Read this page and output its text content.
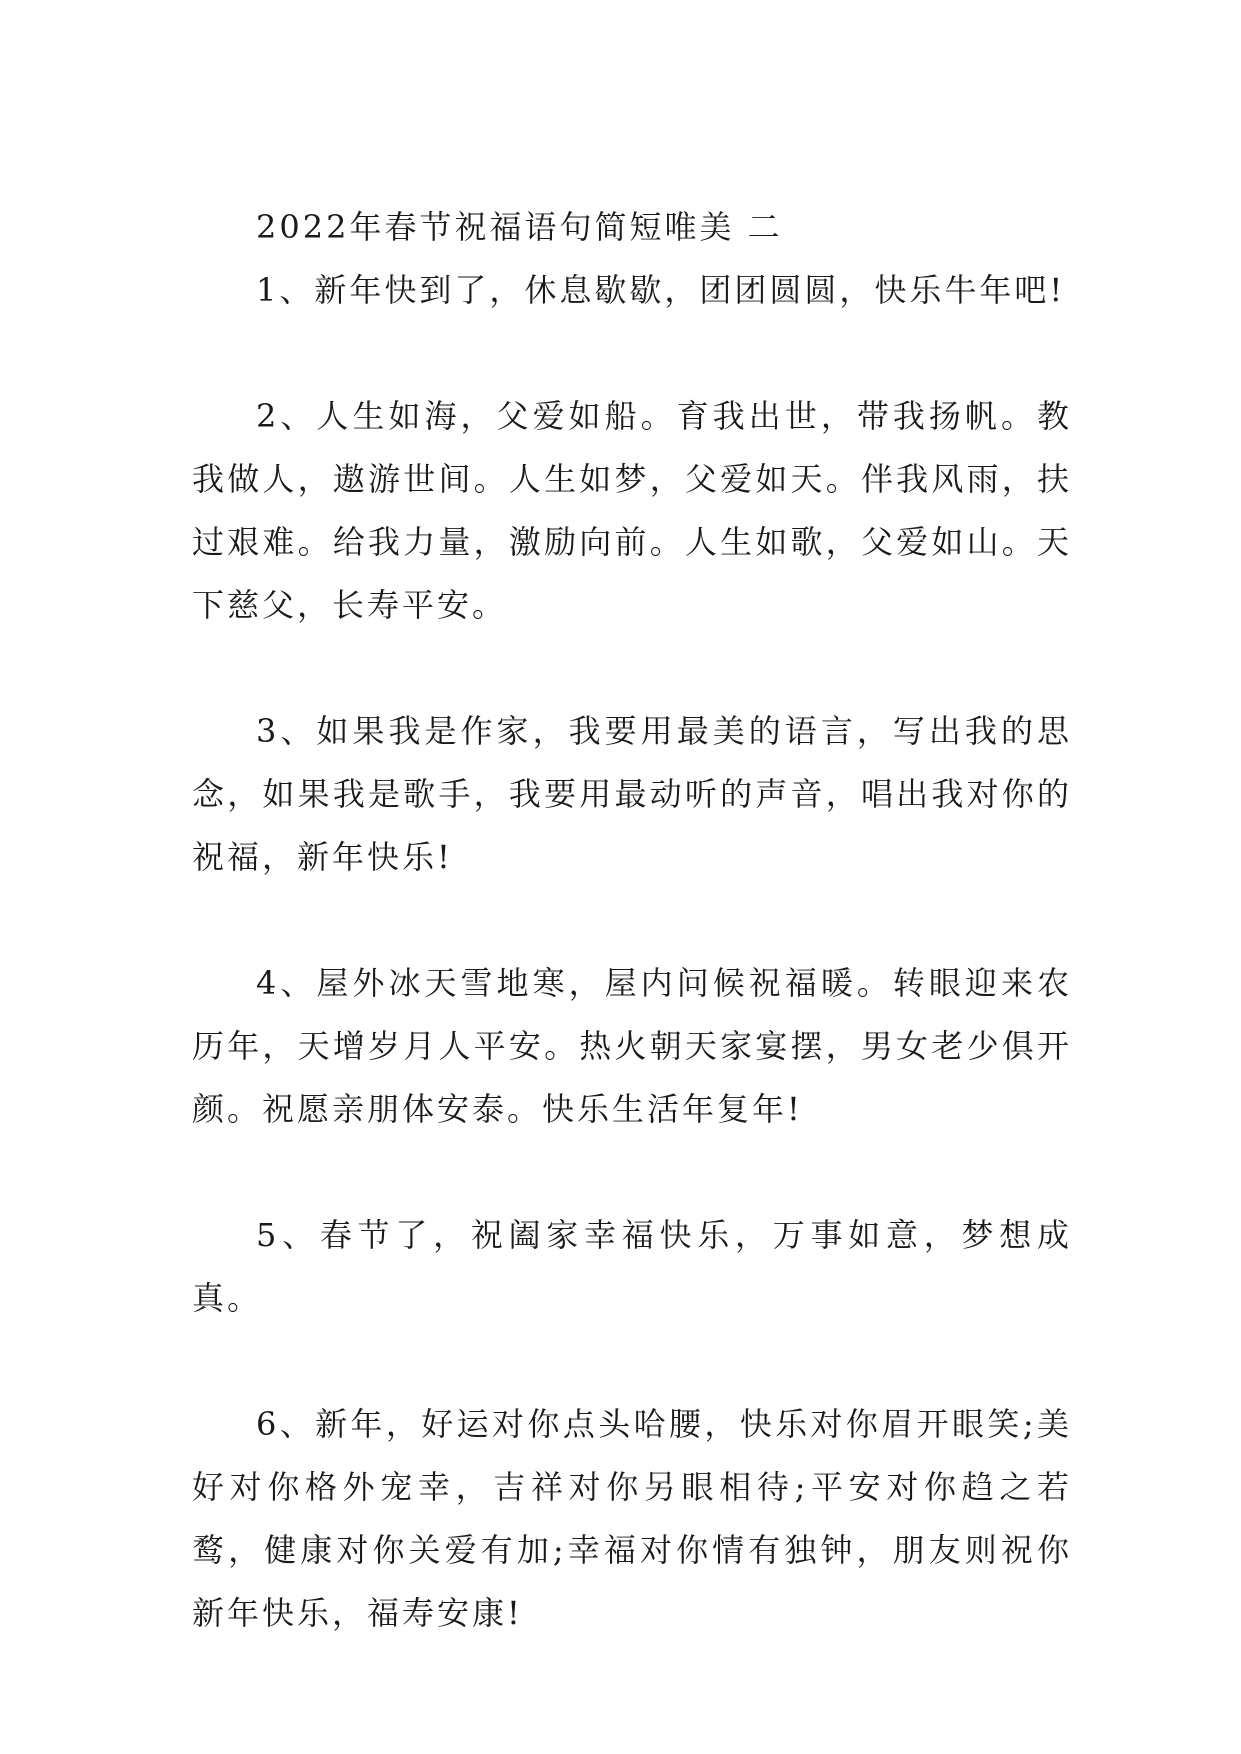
2022年春节祝福语句简短唯美 二

1、新年快到了，休息歇歇，团团圆圆，快乐牛年吧!

2、人生如海，父爱如船。育我出世，带我扬帆。教我做人，遨游世间。人生如梦，父爱如天。伴我风雨，扶过艰难。给我力量，激励向前。人生如歌，父爱如山。天下慈父，长寿平安。

3、如果我是作家，我要用最美的语言，写出我的思念，如果我是歌手，我要用最动听的声音，唱出我对你的祝福，新年快乐!

4、屋外冰天雪地寒，屋内问候祝福暖。转眼迎来农历年，天增岁月人平安。热火朝天家宴摆，男女老少俱开颜。祝愿亲朋体安泰。快乐生活年复年!

5、春节了，祝阖家幸福快乐，万事如意，梦想成真。

6、新年，好运对你点头哈腰，快乐对你眉开眼笑;美好对你格外宠幸，吉祥对你另眼相待;平安对你趋之若鹜，健康对你关爱有加;幸福对你情有独钟，朋友则祝你新年快乐，福寿安康!
